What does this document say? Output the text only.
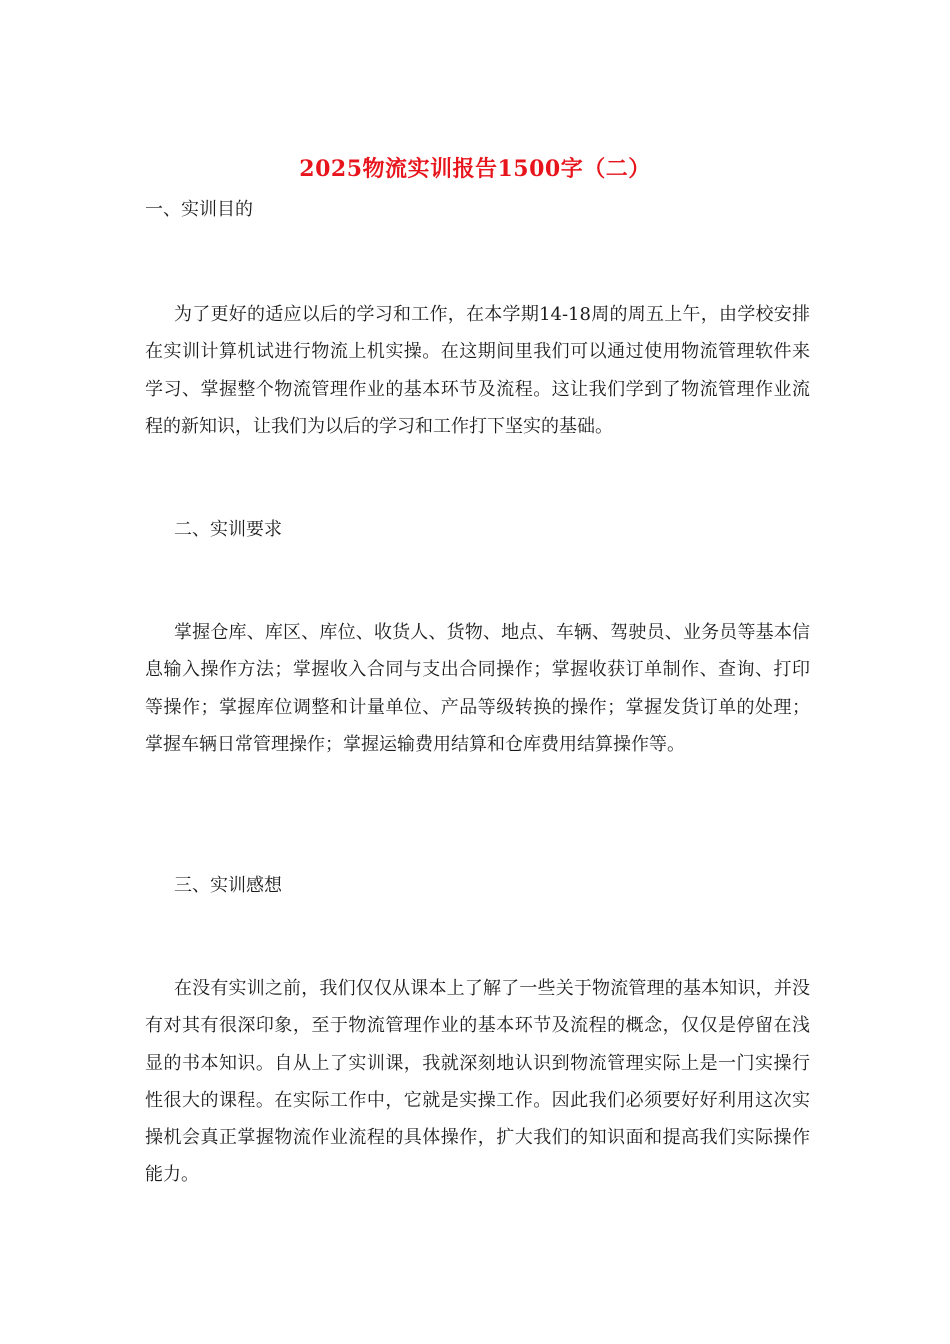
2025物流实训报告1500字（二）
一、实训目的
为了更好的适应以后的学习和工作，在本学期14-18周的周五上午，由学校安排在实训计算机试进行物流上机实操。在这期间里我们可以通过使用物流管理软件来学习、掌握整个物流管理作业的基本环节及流程。这让我们学到了物流管理作业流程的新知识，让我们为以后的学习和工作打下坚实的基础。
二、实训要求
掌握仓库、库区、库位、收货人、货物、地点、车辆、驾驶员、业务员等基本信息输入操作方法；掌握收入合同与支出合同操作；掌握收获订单制作、查询、打印等操作；掌握库位调整和计量单位、产品等级转换的操作；掌握发货订单的处理；掌握车辆日常管理操作；掌握运输费用结算和仓库费用结算操作等。
三、实训感想
在没有实训之前，我们仅仅从课本上了解了一些关于物流管理的基本知识，并没有对其有很深印象，至于物流管理作业的基本环节及流程的概念，仅仅是停留在浅显的书本知识。自从上了实训课，我就深刻地认识到物流管理实际上是一门实操行性很大的课程。在实际工作中，它就是实操工作。因此我们必须要好好利用这次实操机会真正掌握物流作业流程的具体操作，扩大我们的知识面和提高我们实际操作能力。
